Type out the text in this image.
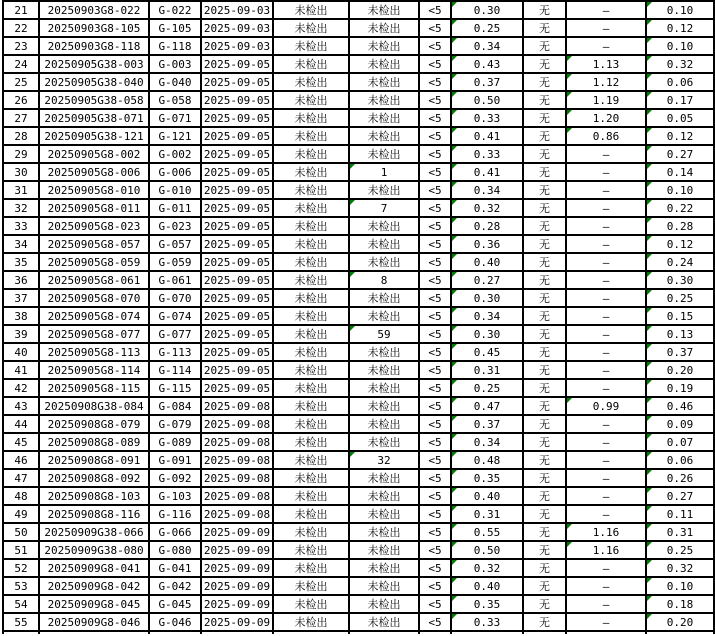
21	20250903G8-022	G-022	2025-09-03	未检出	未检出	<5	0.30	无	–	0.10
22	20250903G8-105	G-105	2025-09-03	未检出	未检出	<5	0.25	无	–	0.12
23	20250903G8-118	G-118	2025-09-03	未检出	未检出	<5	0.34	无	–	0.10
24	20250905G38-003	G-003	2025-09-05	未检出	未检出	<5	0.43	无	1.13	0.32
25	20250905G38-040	G-040	2025-09-05	未检出	未检出	<5	0.37	无	1.12	0.06
26	20250905G38-058	G-058	2025-09-05	未检出	未检出	<5	0.50	无	1.19	0.17
27	20250905G38-071	G-071	2025-09-05	未检出	未检出	<5	0.33	无	1.20	0.05
28	20250905G38-121	G-121	2025-09-05	未检出	未检出	<5	0.41	无	0.86	0.12
29	20250905G8-002	G-002	2025-09-05	未检出	未检出	<5	0.33	无	–	0.27
30	20250905G8-006	G-006	2025-09-05	未检出	1	<5	0.41	无	–	0.14
31	20250905G8-010	G-010	2025-09-05	未检出	未检出	<5	0.34	无	–	0.10
32	20250905G8-011	G-011	2025-09-05	未检出	7	<5	0.32	无	–	0.22
33	20250905G8-023	G-023	2025-09-05	未检出	未检出	<5	0.28	无	–	0.28
34	20250905G8-057	G-057	2025-09-05	未检出	未检出	<5	0.36	无	–	0.12
35	20250905G8-059	G-059	2025-09-05	未检出	未检出	<5	0.40	无	–	0.24
36	20250905G8-061	G-061	2025-09-05	未检出	8	<5	0.27	无	–	0.30
37	20250905G8-070	G-070	2025-09-05	未检出	未检出	<5	0.30	无	–	0.25
38	20250905G8-074	G-074	2025-09-05	未检出	未检出	<5	0.34	无	–	0.15
39	20250905G8-077	G-077	2025-09-05	未检出	59	<5	0.30	无	–	0.13
40	20250905G8-113	G-113	2025-09-05	未检出	未检出	<5	0.45	无	–	0.37
41	20250905G8-114	G-114	2025-09-05	未检出	未检出	<5	0.31	无	–	0.20
42	20250905G8-115	G-115	2025-09-05	未检出	未检出	<5	0.25	无	–	0.19
43	20250908G38-084	G-084	2025-09-08	未检出	未检出	<5	0.47	无	0.99	0.46
44	20250908G8-079	G-079	2025-09-08	未检出	未检出	<5	0.37	无	–	0.09
45	20250908G8-089	G-089	2025-09-08	未检出	未检出	<5	0.34	无	–	0.07
46	20250908G8-091	G-091	2025-09-08	未检出	32	<5	0.48	无	–	0.06
47	20250908G8-092	G-092	2025-09-08	未检出	未检出	<5	0.35	无	–	0.26
48	20250908G8-103	G-103	2025-09-08	未检出	未检出	<5	0.40	无	–	0.27
49	20250908G8-116	G-116	2025-09-08	未检出	未检出	<5	0.31	无	–	0.11
50	20250909G38-066	G-066	2025-09-09	未检出	未检出	<5	0.55	无	1.16	0.31
51	20250909G38-080	G-080	2025-09-09	未检出	未检出	<5	0.50	无	1.16	0.25
52	20250909G8-041	G-041	2025-09-09	未检出	未检出	<5	0.32	无	–	0.32
53	20250909G8-042	G-042	2025-09-09	未检出	未检出	<5	0.40	无	–	0.10
54	20250909G8-045	G-045	2025-09-09	未检出	未检出	<5	0.35	无	–	0.18
55	20250909G8-046	G-046	2025-09-09	未检出	未检出	<5	0.33	无	–	0.20
